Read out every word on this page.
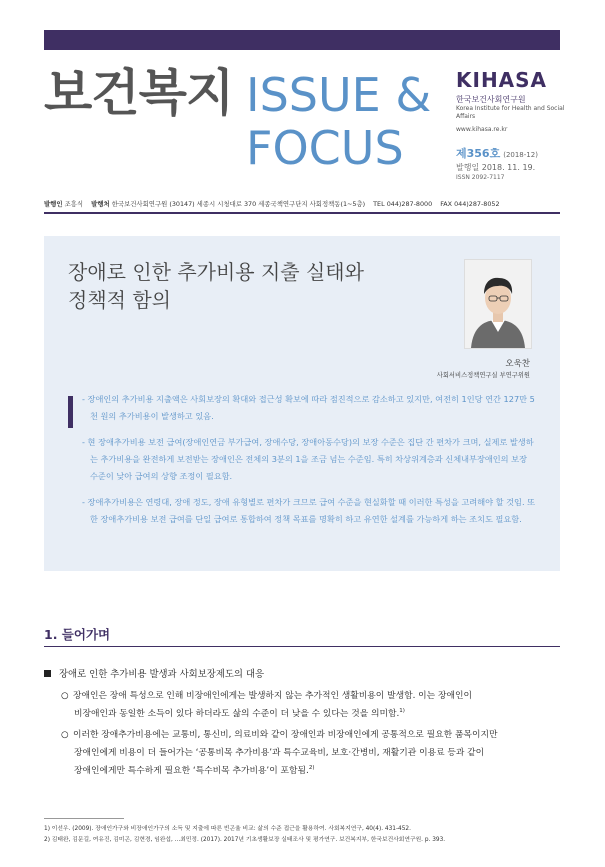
보건복지 ISSUE &
FOCUS
KIHASA
한국보건사회연구원
Korea Institute for Health and Social Affairs
www.kihasa.re.kr
제356호 (2018-12)
발행일 2018. 11. 19.
ISSN 2092-7117
발행인 조흥식 발행처 한국보건사회연구원 (30147) 세종시 시청대로 370 세종국책연구단지 사회정책동(1~5층) TEL 044)287-8000 FAX 044)287-8052
장애로 인한 추가비용 지출 실태와
정책적 함의
오욱찬
사회서비스정책연구실 부연구위원

- 장애인의 추가비용 지출액은 사회보장의 확대와 접근성 확보에 따라 점진적으로 감소하고 있지만, 여전히 1인당 연간 127만 5천 원의 추가비용이 발생하고 있음.

- 현 장애추가비용 보전 급여(장애인연금 부가급여, 장애수당, 장애아동수당)의 보장 수준은 집단 간 편차가 크며, 실제로 발생하는 추가비용을 완전하게 보전받는 장애인은 전체의 3분의 1을 조금 넘는 수준임. 특히 차상위계층과 신체내부장애인의 보장 수준이 낮아 급여의 상향 조정이 필요함.

- 장애추가비용은 연령대, 장애 정도, 장애 유형별로 편차가 크므로 급여 수준을 현실화할 때 이러한 특성을 고려해야 할 것임. 또한 장애추가비용 보전 급여를 단일 급여로 통합하여 정책 목표를 명확히 하고 유연한 설계를 가능하게 하는 조치도 필요함.

1. 들어가며
장애로 인한 추가비용 발생과 사회보장제도의 대응
○ 장애인은 장애 특성으로 인해 비장애인에게는 발생하지 않는 추가적인 생활비용이 발생함. 이는 장애인이
비장애인과 동일한 소득이 있다 하더라도 삶의 수준이 더 낮을 수 있다는 것을 의미함.$^{1)}$
○ 이러한 장애추가비용에는 교통비, 통신비, 의료비와 같이 장애인과 비장애인에게 공통적으로 필요한 품목이지만
장애인에게 비용이 더 들어가는 ‘공통비목 추가비용’과 특수교육비, 보호·간병비, 재활기관 이용료 등과 같이
장애인에게만 특수하게 필요한 ‘특수비목 추가비용’이 포함됨.$^{2)}$
1) 이선우. (2009). 장애인가구와 비장애인가구의 소득 및 지출에 따른 빈곤율 비교: 삶의 수준 접근을 활용하여. 사회복지연구, 40(4). 431-452.
2) 김태완, 김문길, 여유진, 김미곤, 김현경, 임완섭, ...최민정. (2017). 2017년 기초생활보장 실태조사 및 평가연구. 보건복지부, 한국보건사회연구원. p. 393.
